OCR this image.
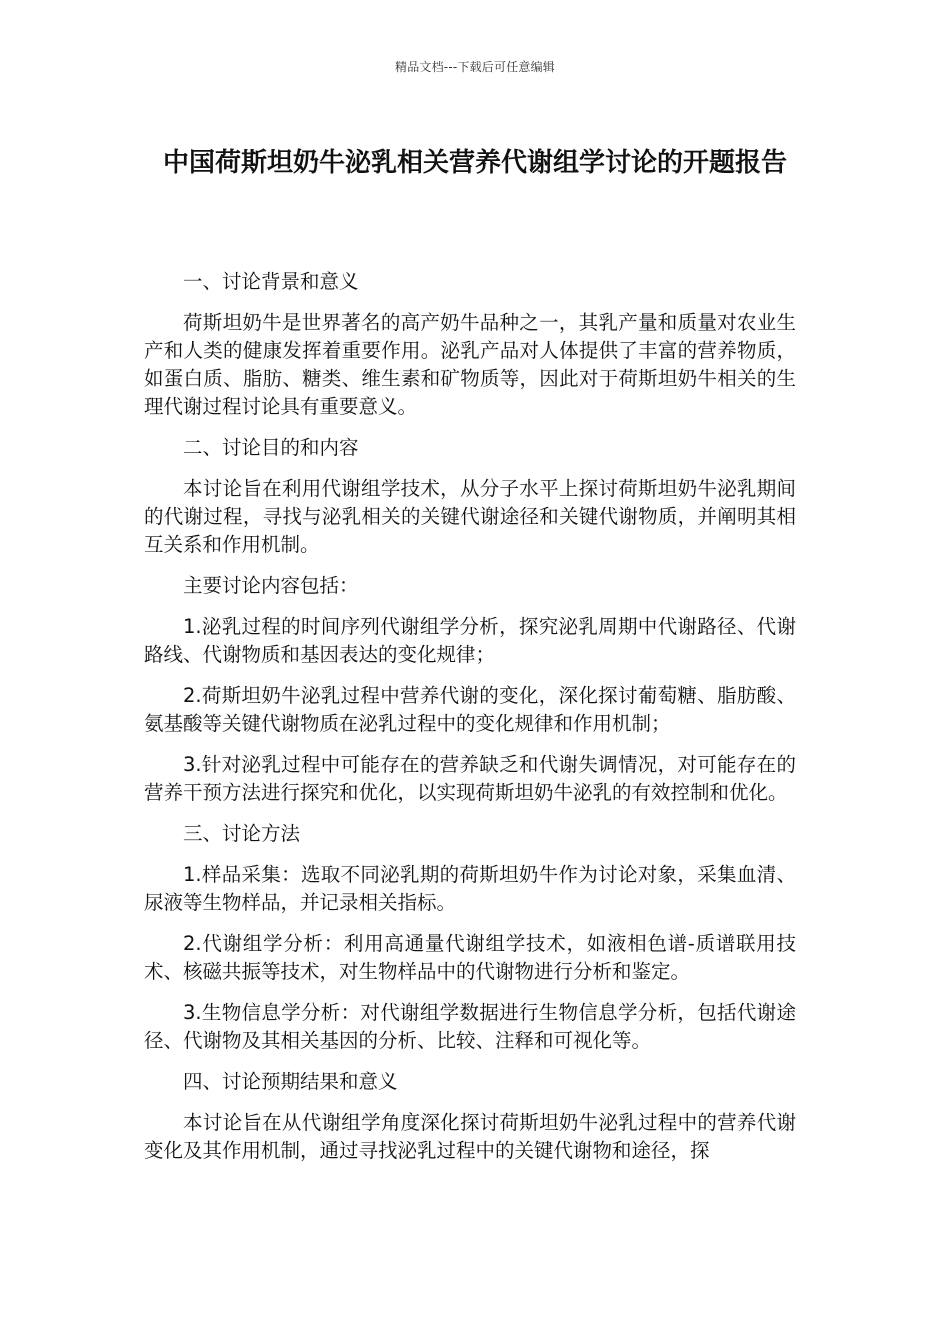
精品文档---下载后可任意编辑
中国荷斯坦奶牛泌乳相关营养代谢组学讨论的开题报告

一、讨论背景和意义

荷斯坦奶牛是世界著名的高产奶牛品种之一，其乳产量和质量对农业生产和人类的健康发挥着重要作用。泌乳产品对人体提供了丰富的营养物质，如蛋白质、脂肪、糖类、维生素和矿物质等，因此对于荷斯坦奶牛相关的生理代谢过程讨论具有重要意义。

二、讨论目的和内容

本讨论旨在利用代谢组学技术，从分子水平上探讨荷斯坦奶牛泌乳期间的代谢过程，寻找与泌乳相关的关键代谢途径和关键代谢物质，并阐明其相互关系和作用机制。

主要讨论内容包括：

1.泌乳过程的时间序列代谢组学分析，探究泌乳周期中代谢路径、代谢路线、代谢物质和基因表达的变化规律；

2.荷斯坦奶牛泌乳过程中营养代谢的变化，深化探讨葡萄糖、脂肪酸、氨基酸等关键代谢物质在泌乳过程中的变化规律和作用机制；

3.针对泌乳过程中可能存在的营养缺乏和代谢失调情况，对可能存在的营养干预方法进行探究和优化，以实现荷斯坦奶牛泌乳的有效控制和优化。

三、讨论方法

1.样品采集：选取不同泌乳期的荷斯坦奶牛作为讨论对象，采集血清、尿液等生物样品，并记录相关指标。

2.代谢组学分析：利用高通量代谢组学技术，如液相色谱-质谱联用技术、核磁共振等技术，对生物样品中的代谢物进行分析和鉴定。

3.生物信息学分析：对代谢组学数据进行生物信息学分析，包括代谢途径、代谢物及其相关基因的分析、比较、注释和可视化等。

四、讨论预期结果和意义

本讨论旨在从代谢组学角度深化探讨荷斯坦奶牛泌乳过程中的营养代谢变化及其作用机制，通过寻找泌乳过程中的关键代谢物和途径，探
